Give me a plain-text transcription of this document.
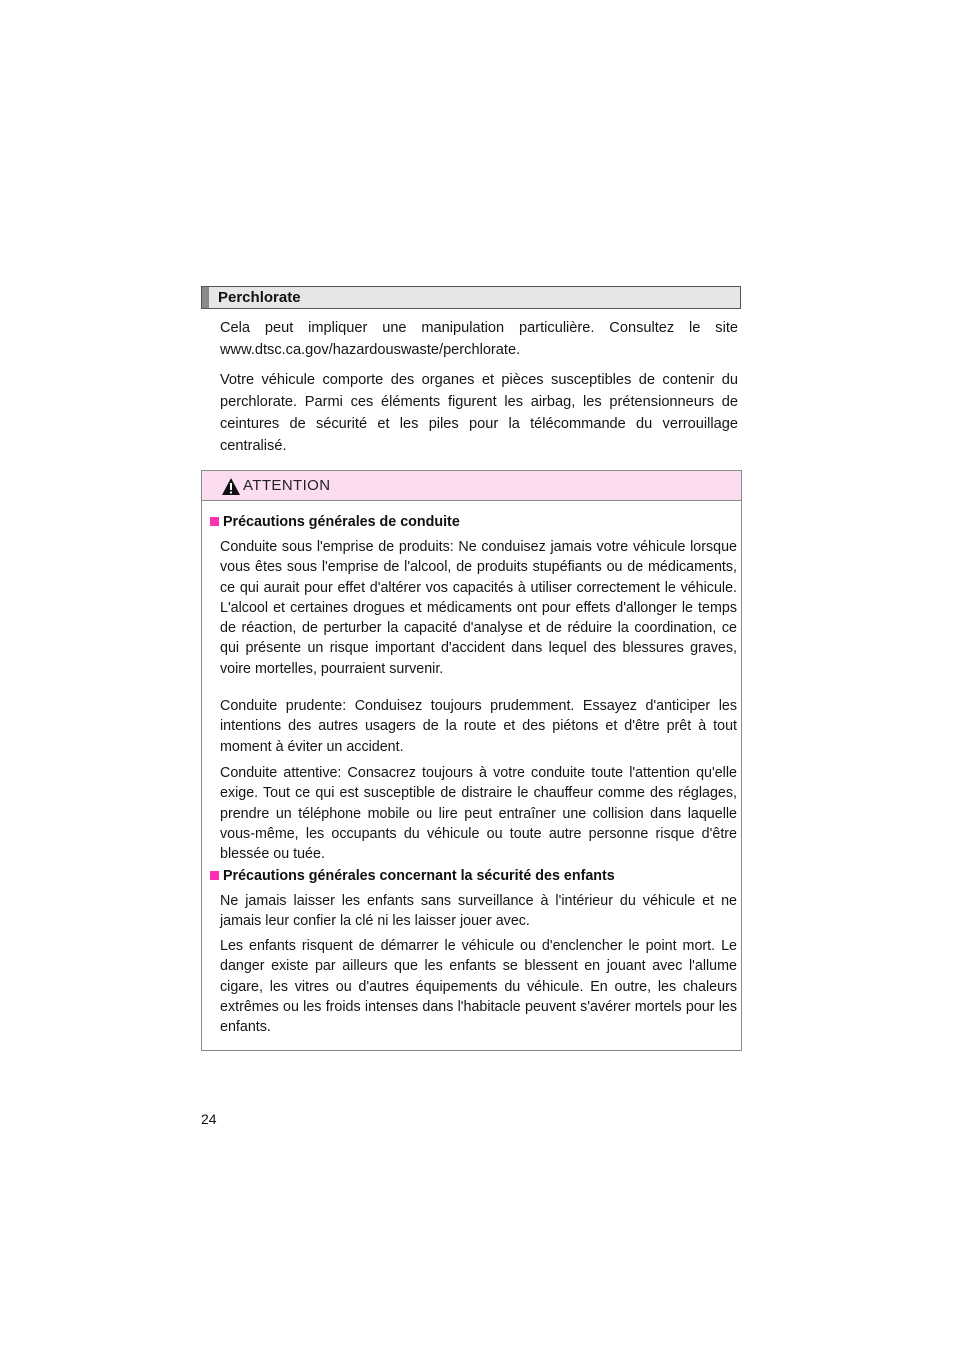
Perchlorate

Cela peut impliquer une manipulation particulière. Consultez le site www.dtsc.ca.gov/hazardouswaste/perchlorate.

Votre véhicule comporte des organes et pièces susceptibles de contenir du perchlorate. Parmi ces éléments figurent les airbag, les prétensionneurs de ceintures de sécurité et les piles pour la télécommande du verrouillage centralisé.

ATTENTION
Précautions générales de conduite

Conduite sous l'emprise de produits: Ne conduisez jamais votre véhicule lorsque vous êtes sous l'emprise de l'alcool, de produits stupéfiants ou de médicaments, ce qui aurait pour effet d'altérer vos capacités à utiliser correctement le véhicule. L'alcool et certaines drogues et médicaments ont pour effets d'allonger le temps de réaction, de perturber la capacité d'analyse et de réduire la coordination, ce qui présente un risque important d'accident dans lequel des blessures graves, voire mortelles, pourraient survenir.

Conduite prudente: Conduisez toujours prudemment. Essayez d'anticiper les intentions des autres usagers de la route et des piétons et d'être prêt à tout moment à éviter un accident.

Conduite attentive: Consacrez toujours à votre conduite toute l'attention qu'elle exige. Tout ce qui est susceptible de distraire le chauffeur comme des réglages, prendre un téléphone mobile ou lire peut entraîner une collision dans laquelle vous-même, les occupants du véhicule ou toute autre personne risque d'être blessée ou tuée.

Précautions générales concernant la sécurité des enfants

Ne jamais laisser les enfants sans surveillance à l'intérieur du véhicule et ne jamais leur confier la clé ni les laisser jouer avec.

Les enfants risquent de démarrer le véhicule ou d'enclencher le point mort. Le danger existe par ailleurs que les enfants se blessent en jouant avec l'allume cigare, les vitres ou d'autres équipements du véhicule. En outre, les chaleurs extrêmes ou les froids intenses dans l'habitacle peuvent s'avérer mortels pour les enfants.

24
